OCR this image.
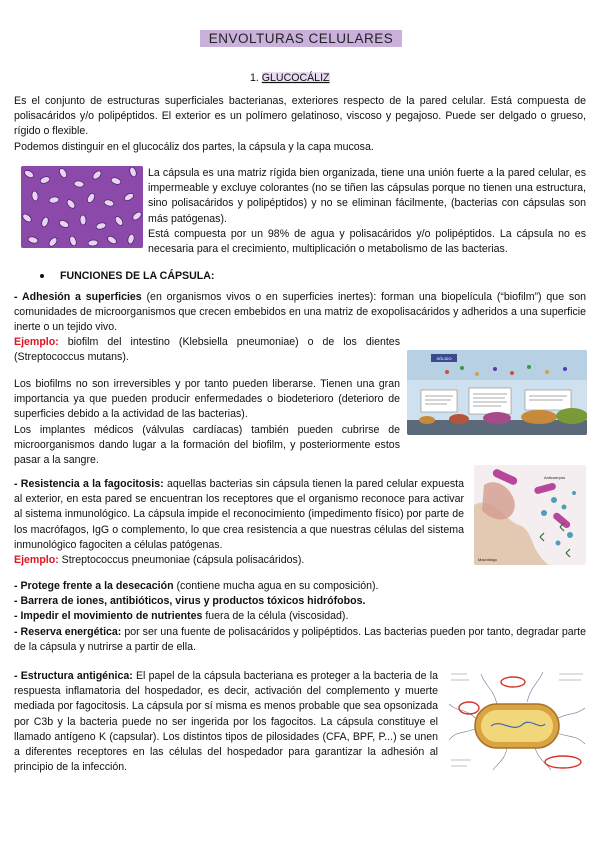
ENVOLTURAS CELULARES
1. GLUCOCÁLIZ

Es el conjunto de estructuras superficiales bacterianas, exteriores respecto de la pared celular. Está compuesta de polisacáridos y/o polipéptidos. El exterior es un polímero gelatinoso, viscoso y pegajoso. Puede ser delgado o grueso, rígido o flexible.

Podemos distinguir en el glucocáliz dos partes, la cápsula y la capa mucosa.

La cápsula es una matriz rígida bien organizada, tiene una unión fuerte a la pared celular, es impermeable y excluye colorantes (no se tiñen las cápsulas porque no tienen una estructura, sino polisacáridos y polipéptidos) y no se eliminan fácilmente, (bacterias con cápsulas son más patógenas).

Está compuesta por un 98% de agua y polisacáridos y/o polipéptidos. La cápsula no es necesaria para el crecimiento, multiplicación o metabolismo de las bacterias.

FUNCIONES DE LA CÁPSULA:

- Adhesión a superficies (en organismos vivos o en superficies inertes): forman una biopelícula (“biofilm”) que son comunidades de microorganismos que crecen embebidos en una matriz de exopolisacáridos y adheridos a una superficie inerte o un tejido vivo.

Ejemplo: biofilm del intestino (Klebsiella pneumoniae) o de los dientes (Streptococcus mutans).

Los biofilms no son irreversibles y por tanto pueden liberarse. Tienen una gran importancia ya que pueden producir enfermedades o biodeterioro (deterioro de superficies debido a la actividad de las bacterias).

Los implantes médicos (válvulas cardíacas) también pueden cubrirse de microorganismos dando lugar a la formación del biofilm, y posteriormente estos pasar a la sangre.

SÓLIDO

- Resistencia a la fagocitosis: aquellas bacterias sin cápsula tienen la pared celular expuesta al exterior, en esta pared se encuentran los receptores que el organismo reconoce para activar al sistema inmunológico. La cápsula impide el reconocimiento (impedimento físico) por parte de los macrófagos, IgG o complemento, lo que crea resistencia a que nuestras células del sistema inmunológico fagociten a células patógenas.

Ejemplo: Streptococcus pneumoniae (cápsula polisacáridos).

Anticuerpos
Macrófago

- Protege frente a la desecación (contiene mucha agua en su composición).

- Barrera de iones, antibióticos, virus y productos tóxicos hidrófobos.

- Impedir el movimiento de nutrientes fuera de la célula (viscosidad).

- Reserva energética: por ser una fuente de polisacáridos y polipéptidos. Las bacterias pueden por tanto, degradar parte de la cápsula y nutrirse a partir de ella.

- Estructura antigénica: El papel de la cápsula bacteriana es proteger a la bacteria de la respuesta inflamatoria del hospedador, es decir, activación del complemento y muerte mediada por fagocitosis. La cápsula por sí misma es menos probable que sea opsonizada por C3b y la bacteria puede no ser ingerida por los fagocitos. La cápsula constituye el llamado antígeno K (capsular). Los distintos tipos de pilosidades (CFA, BPF, P...) se unen a diferentes receptores en las células del hospedador para garantizar la adhesión al principio de la infección.
